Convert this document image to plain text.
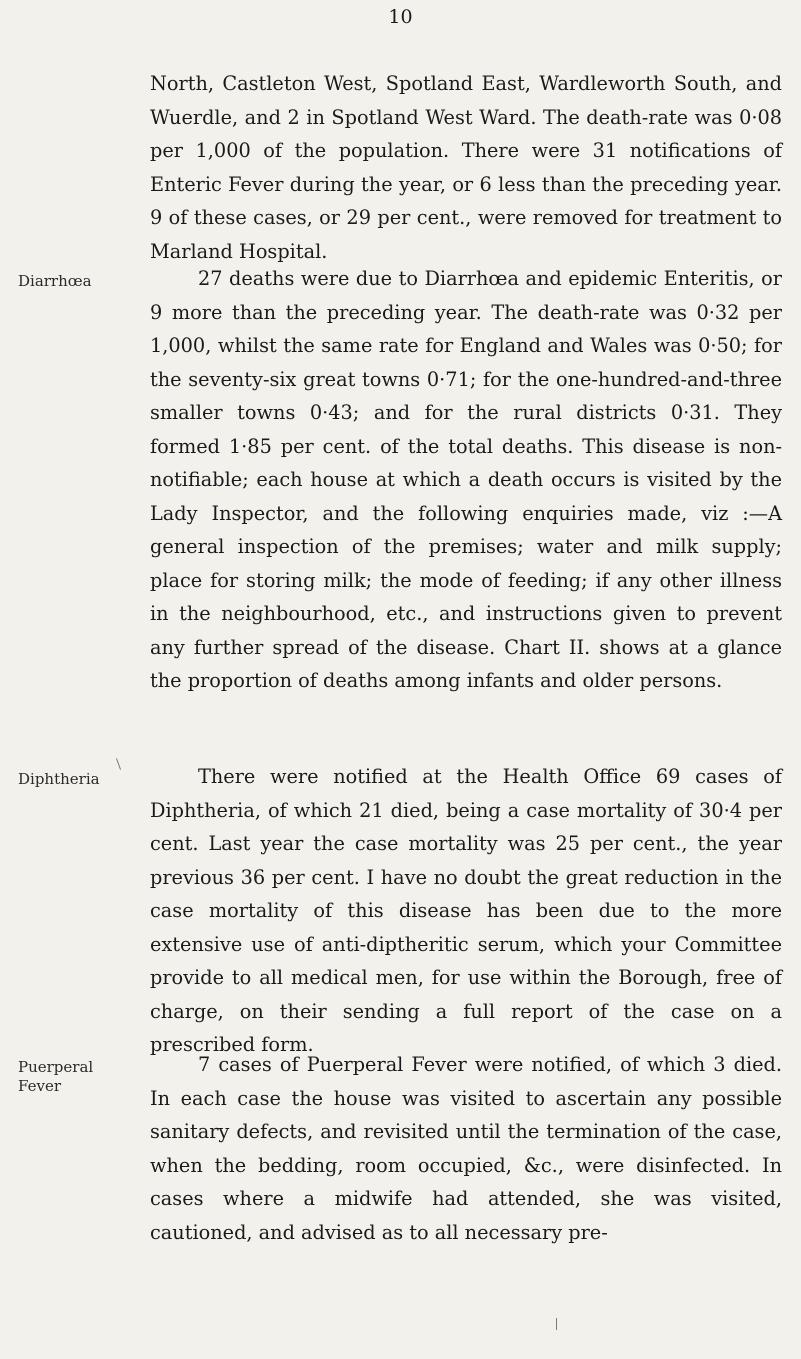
10

North, Castleton West, Spotland East, Wardleworth South, and Wuerdle, and 2 in Spotland West Ward. The death-rate was 0·08 per 1,000 of the population. There were 31 notifications of Enteric Fever during the year, or 6 less than the preceding year. 9 of these cases, or 29 per cent., were removed for treatment to Marland Hospital.

Diarrhœa	27 deaths were due to Diarrhœa and epidemic Enteritis, or 9 more than the preceding year. The death-rate was 0·32 per 1,000, whilst the same rate for England and Wales was 0·50; for the seventy-six great towns 0·71; for the one-hundred-and-three smaller towns 0·43; and for the rural districts 0·31. They formed 1·85 per cent. of the total deaths. This disease is non-notifiable; each house at which a death occurs is visited by the Lady Inspector, and the following enquiries made, viz :—A general inspection of the premises; water and milk supply; place for storing milk; the mode of feeding; if any other illness in the neighbourhood, etc., and instructions given to prevent any further spread of the disease. Chart II. shows at a glance the proportion of deaths among infants and older persons.

Diphtheria	There were notified at the Health Office 69 cases of Diphtheria, of which 21 died, being a case mortality of 30·4 per cent. Last year the case mortality was 25 per cent., the year previous 36 per cent. I have no doubt the great reduction in the case mortality of this disease has been due to the more extensive use of anti-diptheritic serum, which your Committee provide to all medical men, for use within the Borough, free of charge, on their sending a full report of the case on a prescribed form.

Puerperal Fever

7 cases of Puerperal Fever were notified, of which 3 died. In each case the house was visited to ascertain any possible sanitary defects, and revisited until the termination of the case, when the bedding, room occupied, &c., were disinfected. In cases where a midwife had attended, she was visited, cautioned, and advised as to all necessary pre-
